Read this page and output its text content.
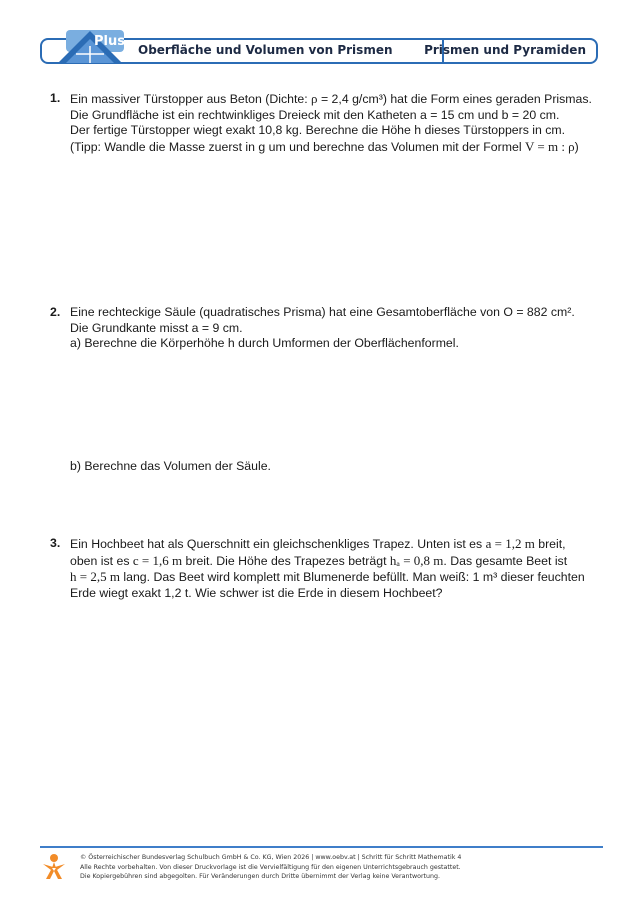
Plus
Oberfläche und Volumen von Prismen	Prismen und Pyramiden
1. Ein massiver Türstopper aus Beton (Dichte: ρ = 2,4 g/cm³) hat die Form eines geraden Prismas.
Die Grundfläche ist ein rechtwinkliges Dreieck mit den Katheten a = 15 cm und b = 20 cm.
Der fertige Türstopper wiegt exakt 10,8 kg. Berechne die Höhe h dieses Türstoppers in cm.
(Tipp: Wandle die Masse zuerst in g um und berechne das Volumen mit der Formel V = m : ρ)
2. Eine rechteckige Säule (quadratisches Prisma) hat eine Gesamtoberfläche von O = 882 cm².
Die Grundkante misst a = 9 cm.
a) Berechne die Körperhöhe h durch Umformen der Oberflächenformel.
b) Berechne das Volumen der Säule.
3. Ein Hochbeet hat als Querschnitt ein gleichschenkliges Trapez. Unten ist es a = 1,2 m breit,
oben ist es c = 1,6 m breit. Die Höhe des Trapezes beträgt hₐ = 0,8 m. Das gesamte Beet ist
h = 2,5 m lang. Das Beet wird komplett mit Blumenerde befüllt. Man weiß: 1 m³ dieser feuchten
Erde wiegt exakt 1,2 t. Wie schwer ist die Erde in diesem Hochbeet?
© Österreichischer Bundesverlag Schulbuch GmbH & Co. KG, Wien 2026 | www.oebv.at | Schritt für Schritt Mathematik 4
Alle Rechte vorbehalten. Von dieser Druckvorlage ist die Vervielfältigung für den eigenen Unterrichtsgebrauch gestattet.
Die Kopiergebühren sind abgegolten. Für Veränderungen durch Dritte übernimmt der Verlag keine Verantwortung.
